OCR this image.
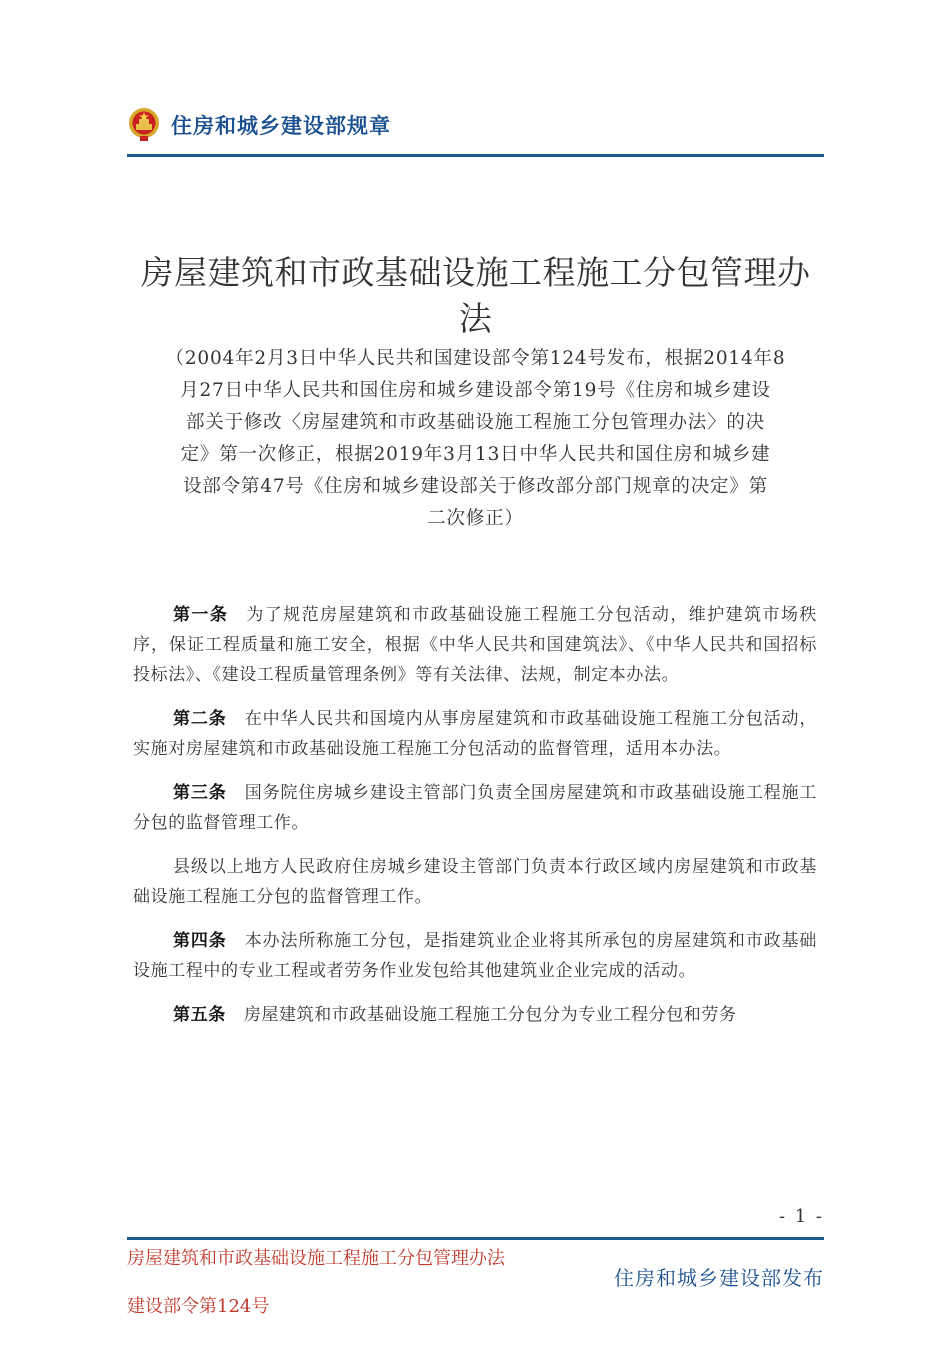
住房和城乡建设部规章
房屋建筑和市政基础设施工程施工分包管理办
法
（2004年2月3日中华人民共和国建设部令第124号发布，根据2014年8
月27日中华人民共和国住房和城乡建设部令第19号《住房和城乡建设
部关于修改〈房屋建筑和市政基础设施工程施工分包管理办法〉的决
定》第一次修正，根据2019年3月13日中华人民共和国住房和城乡建
设部令第47号《住房和城乡建设部关于修改部分部门规章的决定》第
二次修正）

第一条 为了规范房屋建筑和市政基础设施工程施工分包活动，维护建筑市场秩序，保证工程质量和施工安全，根据《中华人民共和国建筑法》、《中华人民共和国招标投标法》、《建设工程质量管理条例》等有关法律、法规，制定本办法。

第二条 在中华人民共和国境内从事房屋建筑和市政基础设施工程施工分包活动，实施对房屋建筑和市政基础设施工程施工分包活动的监督管理，适用本办法。

第三条 国务院住房城乡建设主管部门负责全国房屋建筑和市政基础设施工程施工分包的监督管理工作。

县级以上地方人民政府住房城乡建设主管部门负责本行政区域内房屋建筑和市政基础设施工程施工分包的监督管理工作。

第四条 本办法所称施工分包，是指建筑业企业将其所承包的房屋建筑和市政基础设施工程中的专业工程或者劳务作业发包给其他建筑业企业完成的活动。

第五条 房屋建筑和市政基础设施工程施工分包分为专业工程分包和劳务

- 1 -
房屋建筑和市政基础设施工程施工分包管理办法
建设部令第124号
住房和城乡建设部发布
